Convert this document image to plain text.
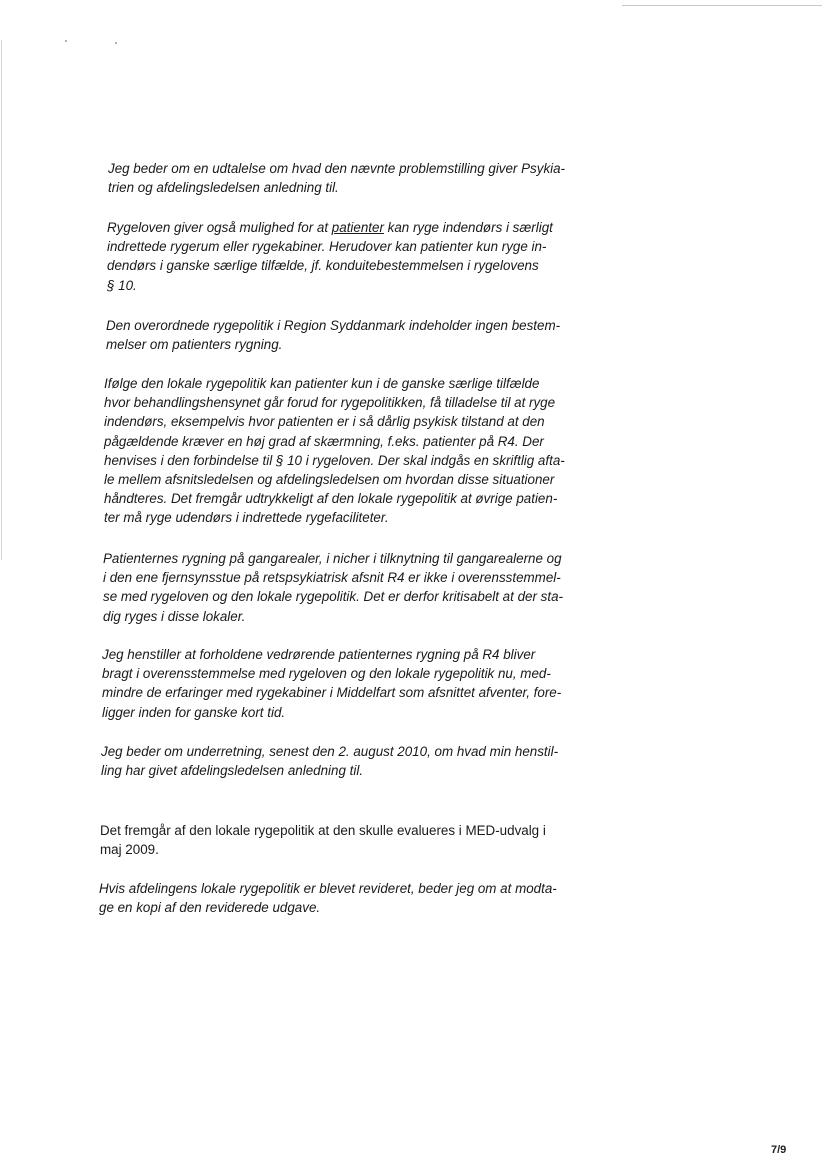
Jeg beder om en udtalelse om hvad den nævnte problemstilling giver Psykia-
trien og afdelingsledelsen anledning til.
Rygeloven giver også mulighed for at patienter kan ryge indendørs i særligt
indrettede rygerum eller rygekabiner. Herudover kan patienter kun ryge in-
dendørs i ganske særlige tilfælde, jf. konduitebestemmelsen i rygelovens
§ 10.
Den overordnede rygepolitik i Region Syddanmark indeholder ingen bestem-
melser om patienters rygning.
Ifølge den lokale rygepolitik kan patienter kun i de ganske særlige tilfælde
hvor behandlingshensynet går forud for rygepolitikken, få tilladelse til at ryge
indendørs, eksempelvis hvor patienten er i så dårlig psykisk tilstand at den
pågældende kræver en høj grad af skærmning, f.eks. patienter på R4. Der
henvises i den forbindelse til § 10 i rygeloven. Der skal indgås en skriftlig afta-
le mellem afsnitsledelsen og afdelingsledelsen om hvordan disse situationer
håndteres. Det fremgår udtrykkeligt af den lokale rygepolitik at øvrige patien-
ter må ryge udendørs i indrettede rygefaciliteter.
Patienternes rygning på gangarealer, i nicher i tilknytning til gangarealerne og
i den ene fjernsynsstue på retspsykiatrisk afsnit R4 er ikke i overensstemmel-
se med rygeloven og den lokale rygepolitik. Det er derfor kritisabelt at der sta-
dig ryges i disse lokaler.
Jeg henstiller at forholdene vedrørende patienternes rygning på R4 bliver
bragt i overensstemmelse med rygeloven og den lokale rygepolitik nu, med-
mindre de erfaringer med rygekabiner i Middelfart som afsnittet afventer, fore-
ligger inden for ganske kort tid.
Jeg beder om underretning, senest den 2. august 2010, om hvad min henstil-
ling har givet afdelingsledelsen anledning til.
Det fremgår af den lokale rygepolitik at den skulle evalueres i MED-udvalg i
maj 2009.
Hvis afdelingens lokale rygepolitik er blevet revideret, beder jeg om at modta-
ge en kopi af den reviderede udgave.
7/9
